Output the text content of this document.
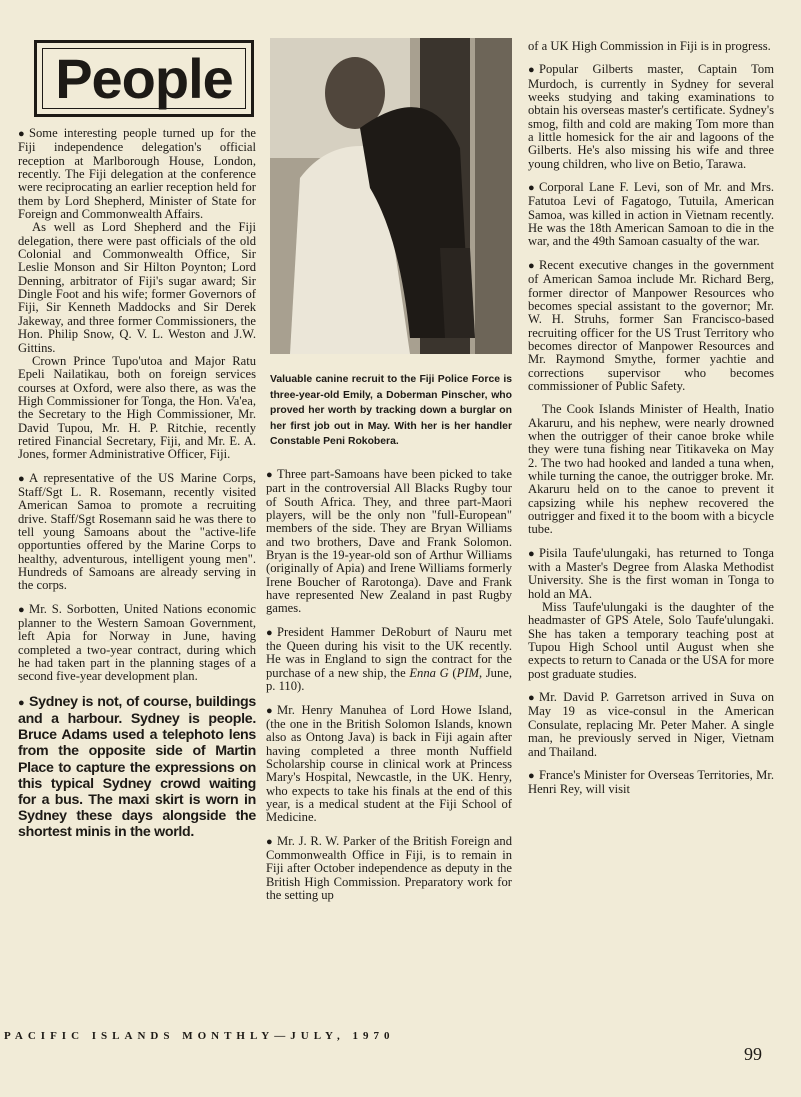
People

● Some interesting people turned up for the Fiji independence delegation's official reception at Marlborough House, London, recently. The Fiji delegation at the conference were reciprocating an earlier reception held for them by Lord Shepherd, Minister of State for Foreign and Commonwealth Affairs.

As well as Lord Shepherd and the Fiji delegation, there were past officials of the old Colonial and Commonwealth Office, Sir Leslie Monson and Sir Hilton Poynton; Lord Denning, arbitrator of Fiji's sugar award; Sir Dingle Foot and his wife; former Governors of Fiji, Sir Kenneth Maddocks and Sir Derek Jakeway, and three former Commissioners, the Hon. Philip Snow, Q. V. L. Weston and J.W. Gittins.

Crown Prince Tupo'utoa and Major Ratu Epeli Nailatikau, both on foreign services courses at Oxford, were also there, as was the High Commissioner for Tonga, the Hon. Va'ea, the Secretary to the High Commissioner, Mr. David Tupou, Mr. H. P. Ritchie, recently retired Financial Secretary, Fiji, and Mr. E. A. Jones, former Administrative Officer, Fiji.

● A representative of the US Marine Corps, Staff/Sgt L. R. Rosemann, recently visited American Samoa to promote a recruiting drive. Staff/Sgt Rosemann said he was there to tell young Samoans about the "active-life opportunties offered by the Marine Corps to healthy, adventurous, intelligent young men". Hundreds of Samoans are already serving in the corps.

● Mr. S. Sorbotten, United Nations economic planner to the Western Samoan Government, left Apia for Norway in June, having completed a two-year contract, during which he had taken part in the planning stages of a second five-year development plan.

● Sydney is not, of course, buildings and a harbour. Sydney is people. Bruce Adams used a telephoto lens from the opposite side of Martin Place to capture the expressions on this typical Sydney crowd waiting for a bus. The maxi skirt is worn in Sydney these days alongside the shortest minis in the world.

Valuable canine recruit to the Fiji Police Force is three-year-old Emily, a Doberman Pinscher, who proved her worth by tracking down a burglar on her first job out in May. With her is her handler Constable Peni Rokobera.

● Three part-Samoans have been picked to take part in the controversial All Blacks Rugby tour of South Africa. They, and three part-Maori players, will be the only non "full-European" members of the side. They are Bryan Williams and two brothers, Dave and Frank Solomon. Bryan is the 19-year-old son of Arthur Williams (originally of Apia) and Irene Williams formerly Irene Boucher of Rarotonga). Dave and Frank have represented New Zealand in past Rugby games.

● President Hammer DeRoburt of Nauru met the Queen during his visit to the UK recently. He was in England to sign the contract for the purchase of a new ship, the Enna G (PIM, June, p. 110).

● Mr. Henry Manuhea of Lord Howe Island, (the one in the British Solomon Islands, known also as Ontong Java) is back in Fiji again after having completed a three month Nuffield Scholarship course in clinical work at Princess Mary's Hospital, Newcastle, in the UK. Henry, who expects to take his finals at the end of this year, is a medical student at the Fiji School of Medicine.

● Mr. J. R. W. Parker of the British Foreign and Commonwealth Office in Fiji, is to remain in Fiji after October independence as deputy in the British High Commission. Preparatory work for the setting up

of a UK High Commission in Fiji is in progress.

● Popular Gilberts master, Captain Tom Murdoch, is currently in Sydney for several weeks studying and taking examinations to obtain his overseas master's certificate. Sydney's smog, filth and cold are making Tom more than a little homesick for the air and lagoons of the Gilberts. He's also missing his wife and three young children, who live on Betio, Tarawa.

● Corporal Lane F. Levi, son of Mr. and Mrs. Fatutoa Levi of Fagatogo, Tutuila, American Samoa, was killed in action in Vietnam recently. He was the 18th American Samoan to die in the war, and the 49th Samoan casualty of the war.

● Recent executive changes in the government of American Samoa include Mr. Richard Berg, former director of Manpower Resources who becomes special assistant to the governor; Mr. W. H. Struhs, former San Francisco-based recruiting officer for the US Trust Territory who becomes director of Manpower Resources and Mr. Raymond Smythe, former yachtie and corrections supervisor who becomes commissioner of Public Safety.

The Cook Islands Minister of Health, Inatio Akaruru, and his nephew, were nearly drowned when the outrigger of their canoe broke while they were tuna fishing near Titikaveka on May 2. The two had hooked and landed a tuna when, while turning the canoe, the outrigger broke. Mr. Akaruru held on to the canoe to prevent it capsizing while his nephew recovered the outrigger and fixed it to the boom with a bicycle tube.

● Pisila Taufe'ulungaki, has returned to Tonga with a Master's Degree from Alaska Methodist University. She is the first woman in Tonga to hold an MA.

Miss Taufe'ulungaki is the daughter of the headmaster of GPS Atele, Solo Taufe'ulungaki. She has taken a temporary teaching post at Tupou High School until August when she expects to return to Canada or the USA for more post graduate studies.

● Mr. David P. Garretson arrived in Suva on May 19 as vice-consul in the American Consulate, replacing Mr. Peter Maher. A single man, he previously served in Niger, Vietnam and Thailand.

● France's Minister for Overseas Territories, Mr. Henri Rey, will visit

PACIFIC ISLANDS MONTHLY—JULY, 1970
99
